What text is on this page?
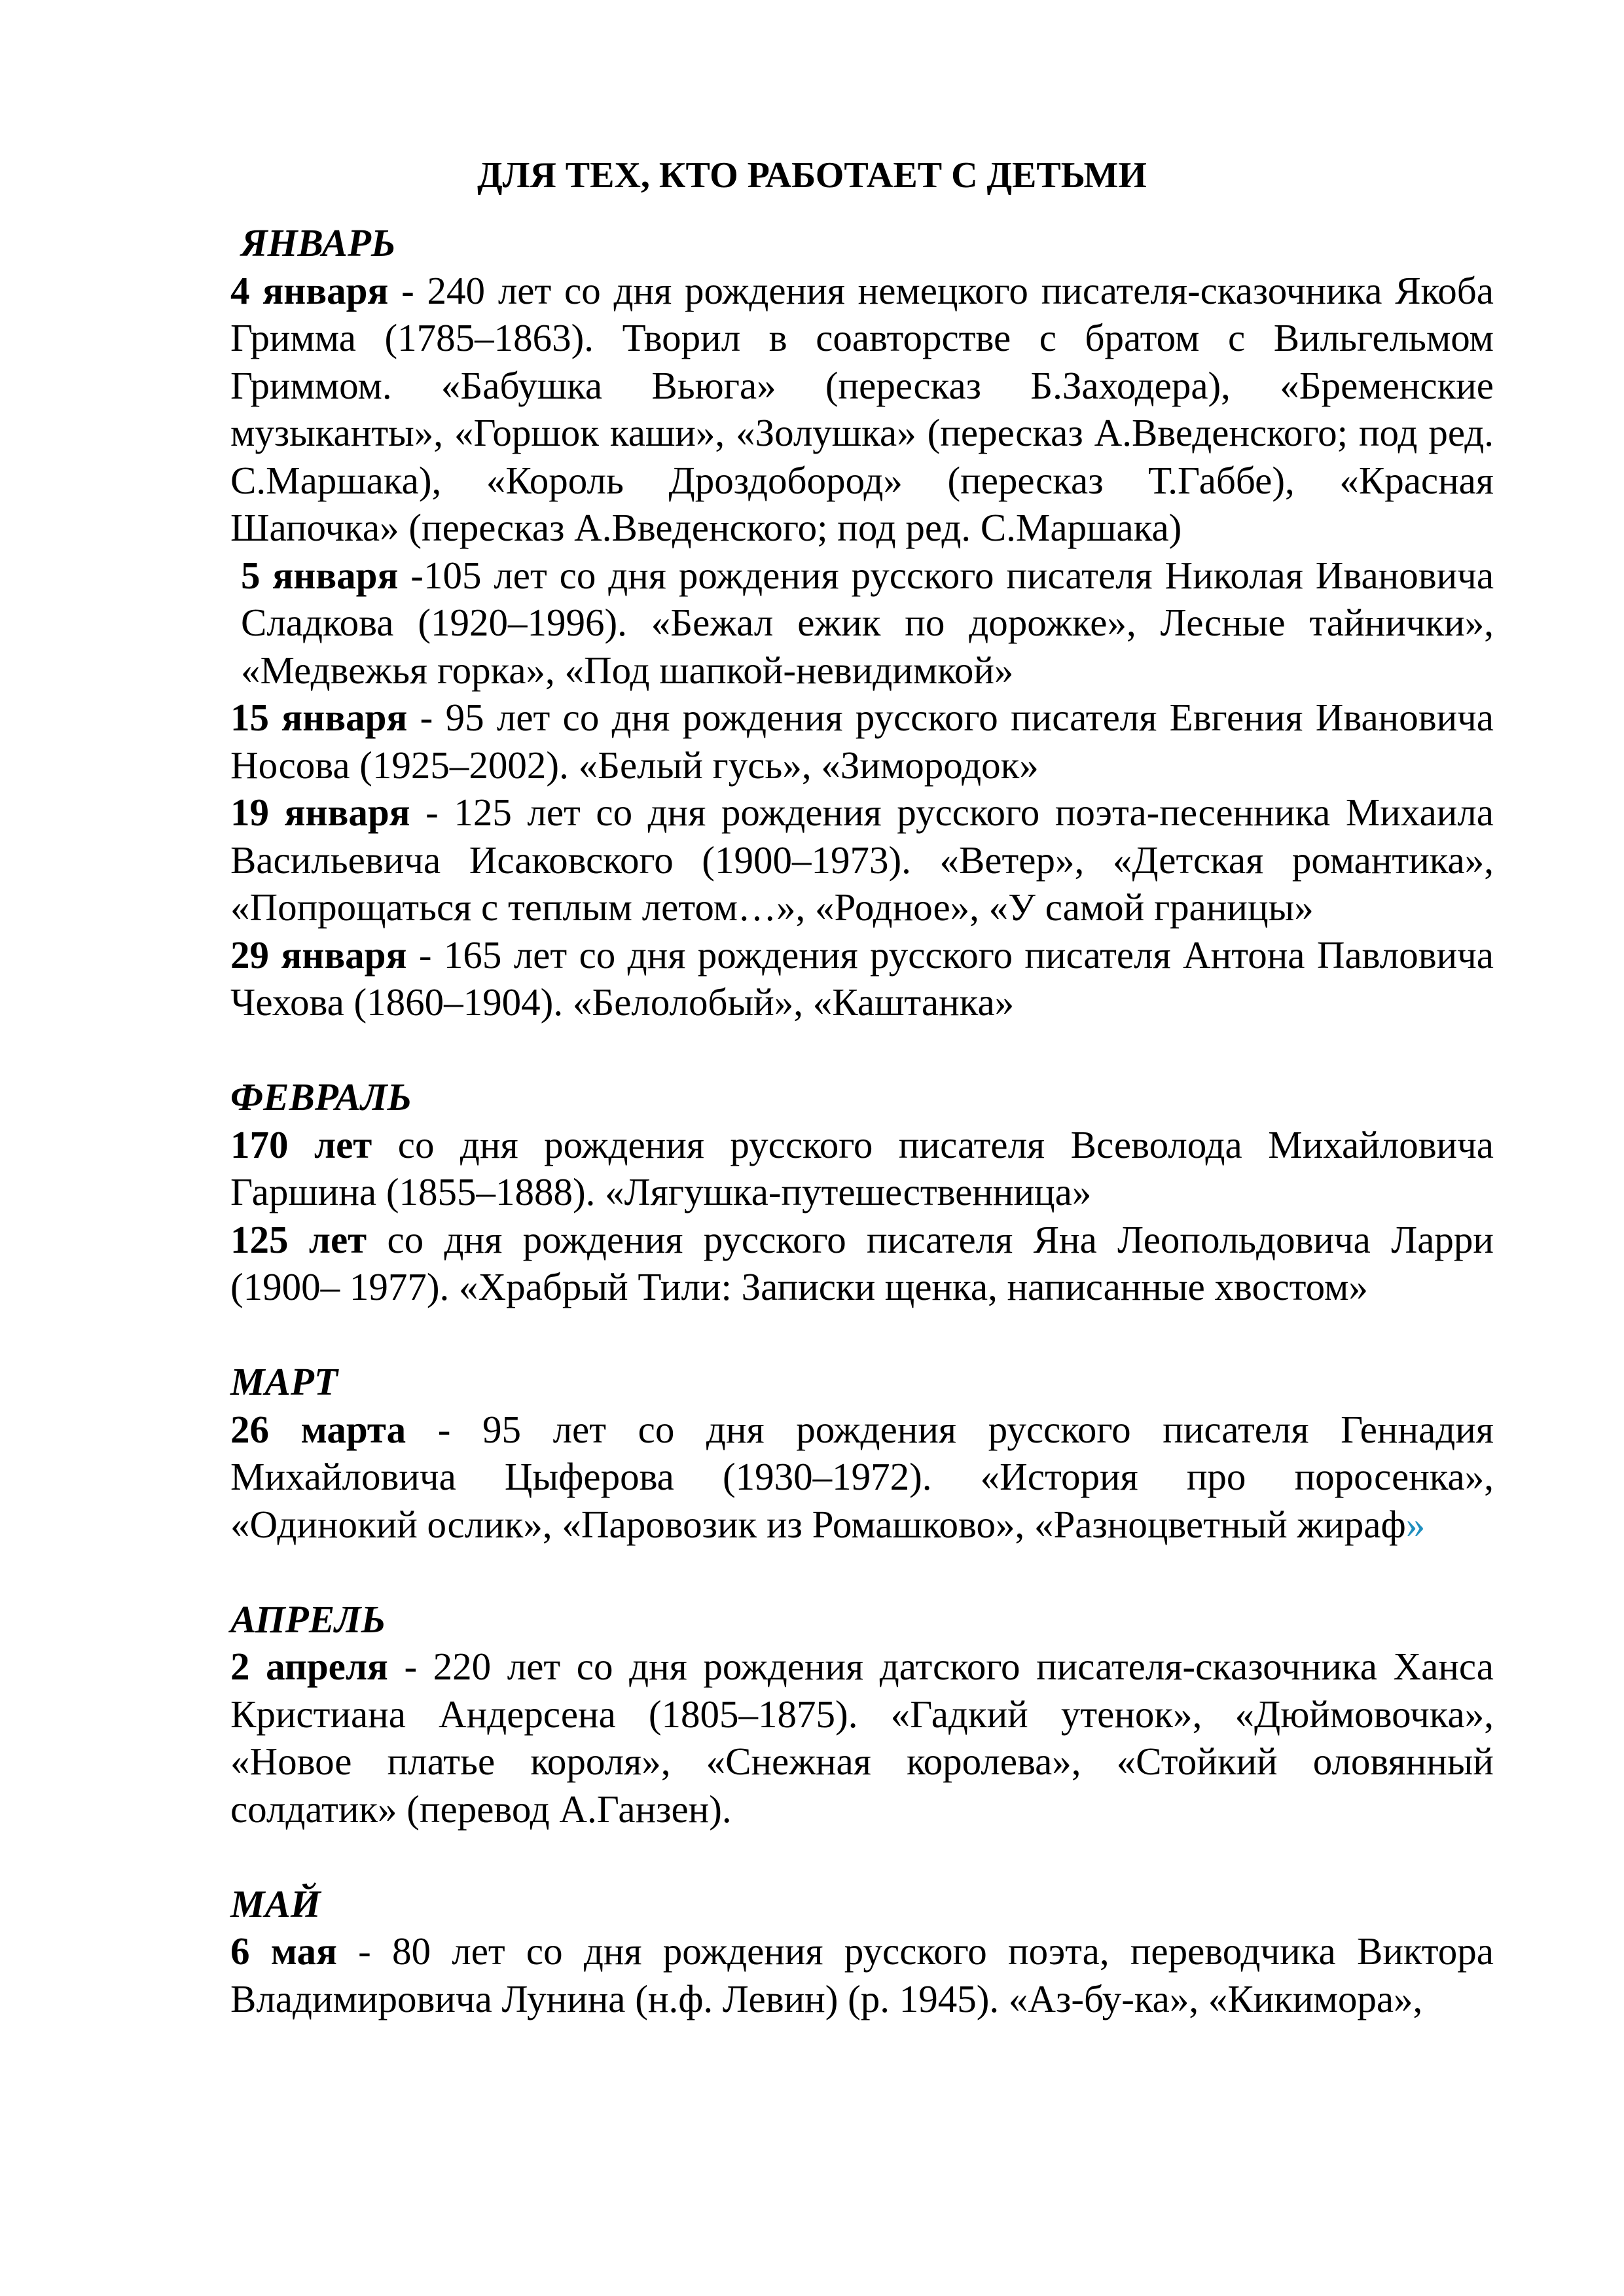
ДЛЯ ТЕХ, КТО РАБОТАЕТ С ДЕТЬМИ

ЯНВАРЬ

4 января - 240 лет со дня рождения немецкого писателя-сказочника Якоба Гримма (1785–1863). Творил в соавторстве с братом с Вильгельмом Гриммом. «Бабушка Вьюга» (пересказ Б.Заходера), «Бременские музыканты», «Горшок каши», «Золушка» (пересказ А.Введенского; под ред. С.Маршака), «Король Дроздобород» (пересказ Т.Габбе), «Красная Шапочка» (пересказ А.Введенского; под ред. С.Маршака)

5 января -105 лет со дня рождения русского писателя Николая Ивановича Сладкова (1920–1996). «Бежал ежик по дорожке», Лесные тайнички», «Медвежья горка», «Под шапкой-невидимкой»

15 января - 95 лет со дня рождения русского писателя Евгения Ивановича Носова (1925–2002). «Белый гусь», «Зимородок»

19 января - 125 лет со дня рождения русского поэта-песенника Михаила Васильевича Исаковского (1900–1973). «Ветер», «Детская романтика», «Попрощаться с теплым летом…», «Родное», «У самой границы»

29 января - 165 лет со дня рождения русского писателя Антона Павловича Чехова (1860–1904). «Белолобый», «Каштанка»

ФЕВРАЛЬ

170 лет со дня рождения русского писателя Всеволода Михайловича Гаршина (1855–1888). «Лягушка-путешественница»

125 лет со дня рождения русского писателя Яна Леопольдовича Ларри (1900– 1977). «Храбрый Тили: Записки щенка, написанные хвостом»

МАРТ

26 марта - 95 лет со дня рождения русского писателя Геннадия Михайловича Цыферова (1930–1972). «История про поросенка», «Одинокий ослик», «Паровозик из Ромашково», «Разноцветный жираф»

АПРЕЛЬ

2 апреля - 220 лет со дня рождения датского писателя-сказочника Ханса Кристиана Андерсена (1805–1875). «Гадкий утенок», «Дюймовочка», «Новое платье короля», «Снежная королева», «Стойкий оловянный солдатик» (перевод А.Ганзен).

МАЙ

6 мая - 80 лет со дня рождения русского поэта, переводчика Виктора Владимировича Лунина (н.ф. Левин) (р. 1945). «Аз-бу-ка», «Кикимора»,
